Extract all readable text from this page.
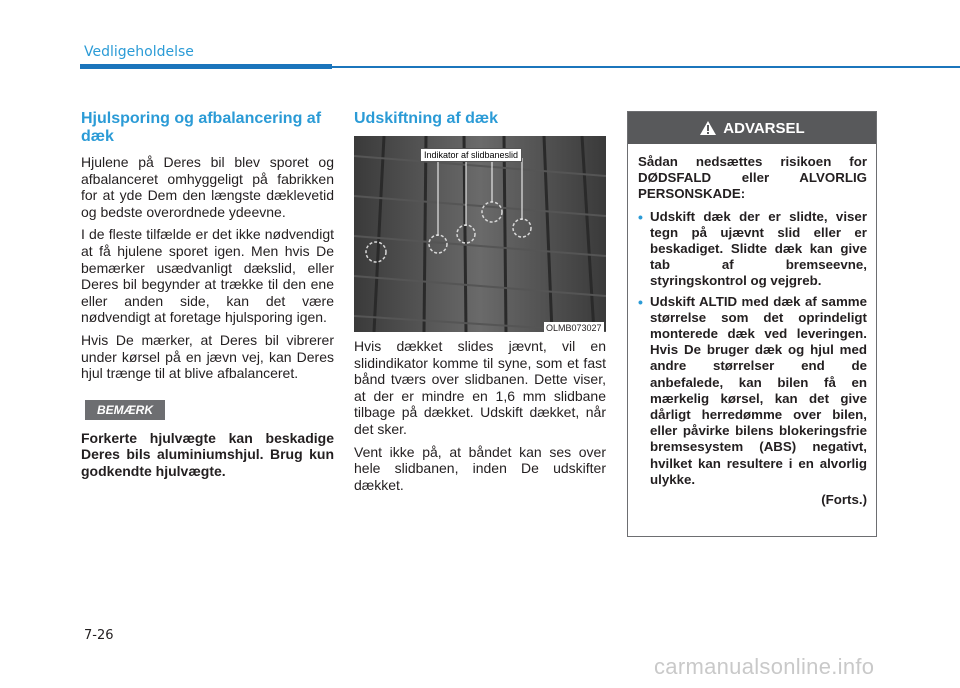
Vedligeholdelse
Hjulsporing og afbalancering af dæk

Hjulene på Deres bil blev sporet og afbalanceret omhyggeligt på fabrikken for at yde Dem den længste dæklevetid og bedste overordnede ydeevne.

I de fleste tilfælde er det ikke nødvendigt at få hjulene sporet igen. Men hvis De bemærker usædvanligt dækslid, eller Deres bil begynder at trække til den ene eller anden side, kan det være nødvendigt at foretage hjulsporing igen.

Hvis De mærker, at Deres bil vibrerer under kørsel på en jævn vej, kan Deres hjul trænge til at blive afbalanceret.

BEMÆRK

Forkerte hjulvægte kan beskadige Deres bils aluminiumshjul. Brug kun godkendte hjulvægte.

Udskiftning af dæk
Indikator af slidbaneslid

Hvis dækket slides jævnt, vil en slidindikator komme til syne, som et fast bånd tværs over slidbanen. Dette viser, at der er mindre en 1,6 mm slidbane tilbage på dækket. Udskift dækket, når det sker.

Vent ikke på, at båndet kan ses over hele slidbanen, inden De udskifter dækket.

OLMB073027
ADVARSEL
Sådan nedsættes risikoen for DØDSFALD eller ALVORLIG PERSONSKADE:
• Udskift dæk der er slidte, viser tegn på ujævnt slid eller er beskadiget. Slidte dæk kan give tab af bremseevne, styringskontrol og vejgreb.
• Udskift ALTID med dæk af samme størrelse som det oprindeligt monterede dæk ved leveringen. Hvis De bruger dæk og hjul med andre størrelser end de anbefalede, kan bilen få en mærkelig kørsel, kan det give dårligt herredømme over bilen, eller påvirke bilens blokeringsfrie bremsesystem (ABS) negativt, hvilket kan resultere i en alvorlig ulykke.
(Forts.)
7-26
carmanualsonline.info
